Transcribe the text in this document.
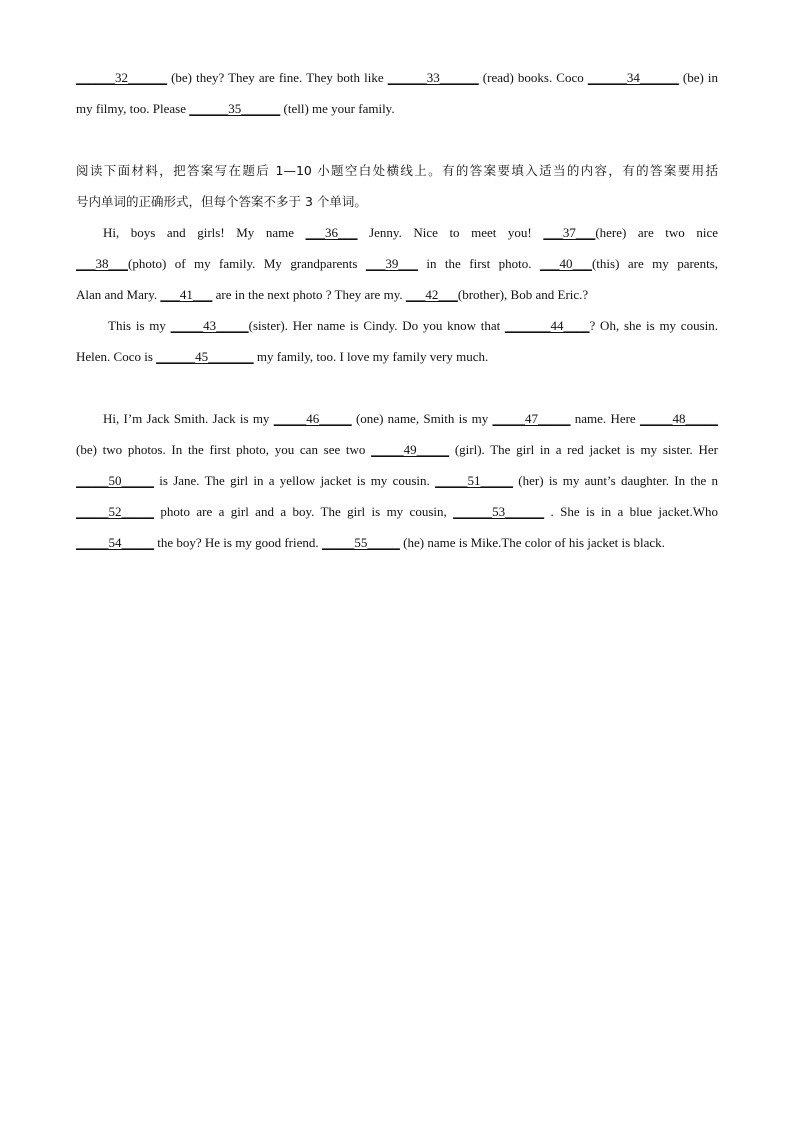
______32______ (be) they? They are fine. They both like ______33______ (read) books. Coco ______34______ (be) in
my filmy, too. Please ______35______ (tell) me your family.
阅读下面材料，把答案写在题后 1—10 小题空白处横线上。有的答案要填入适当的内容，有的答案要用括
号内单词的正确形式，但每个答案不多于 3 个单词。
Hi, boys and girls! My name ___36___ Jenny. Nice to meet you! ___37___(here) are two nice
___38___(photo) of my family. My grandparents ___39___ in the first photo. ___40___(this) are my parents,
Alan and Mary. ___41___ are in the next photo ? They are my. ___42___(brother), Bob and Eric.?
This is my _____43_____(sister). Her name is Cindy. Do you know that _______44____? Oh, she is my cousin.
Helen. Coco is ______45_______ my family, too. I love my family very much.
Hi, I’m Jack Smith. Jack is my _____46_____ (one) name, Smith is my _____47_____ name. Here _____48_____
(be) two photos. In the first photo, you can see two _____49_____ (girl). The girl in a red jacket is my sister. Her
_____50_____ is Jane. The girl in a yellow jacket is my cousin. _____51_____ (her) is my aunt’s daughter. In the n
_____52_____ photo are a girl and a boy. The girl is my cousin, ______53______ . She is in a blue jacket.Who
_____54_____ the boy? He is my good friend. _____55_____ (he) name is Mike.The color of his jacket is black.
